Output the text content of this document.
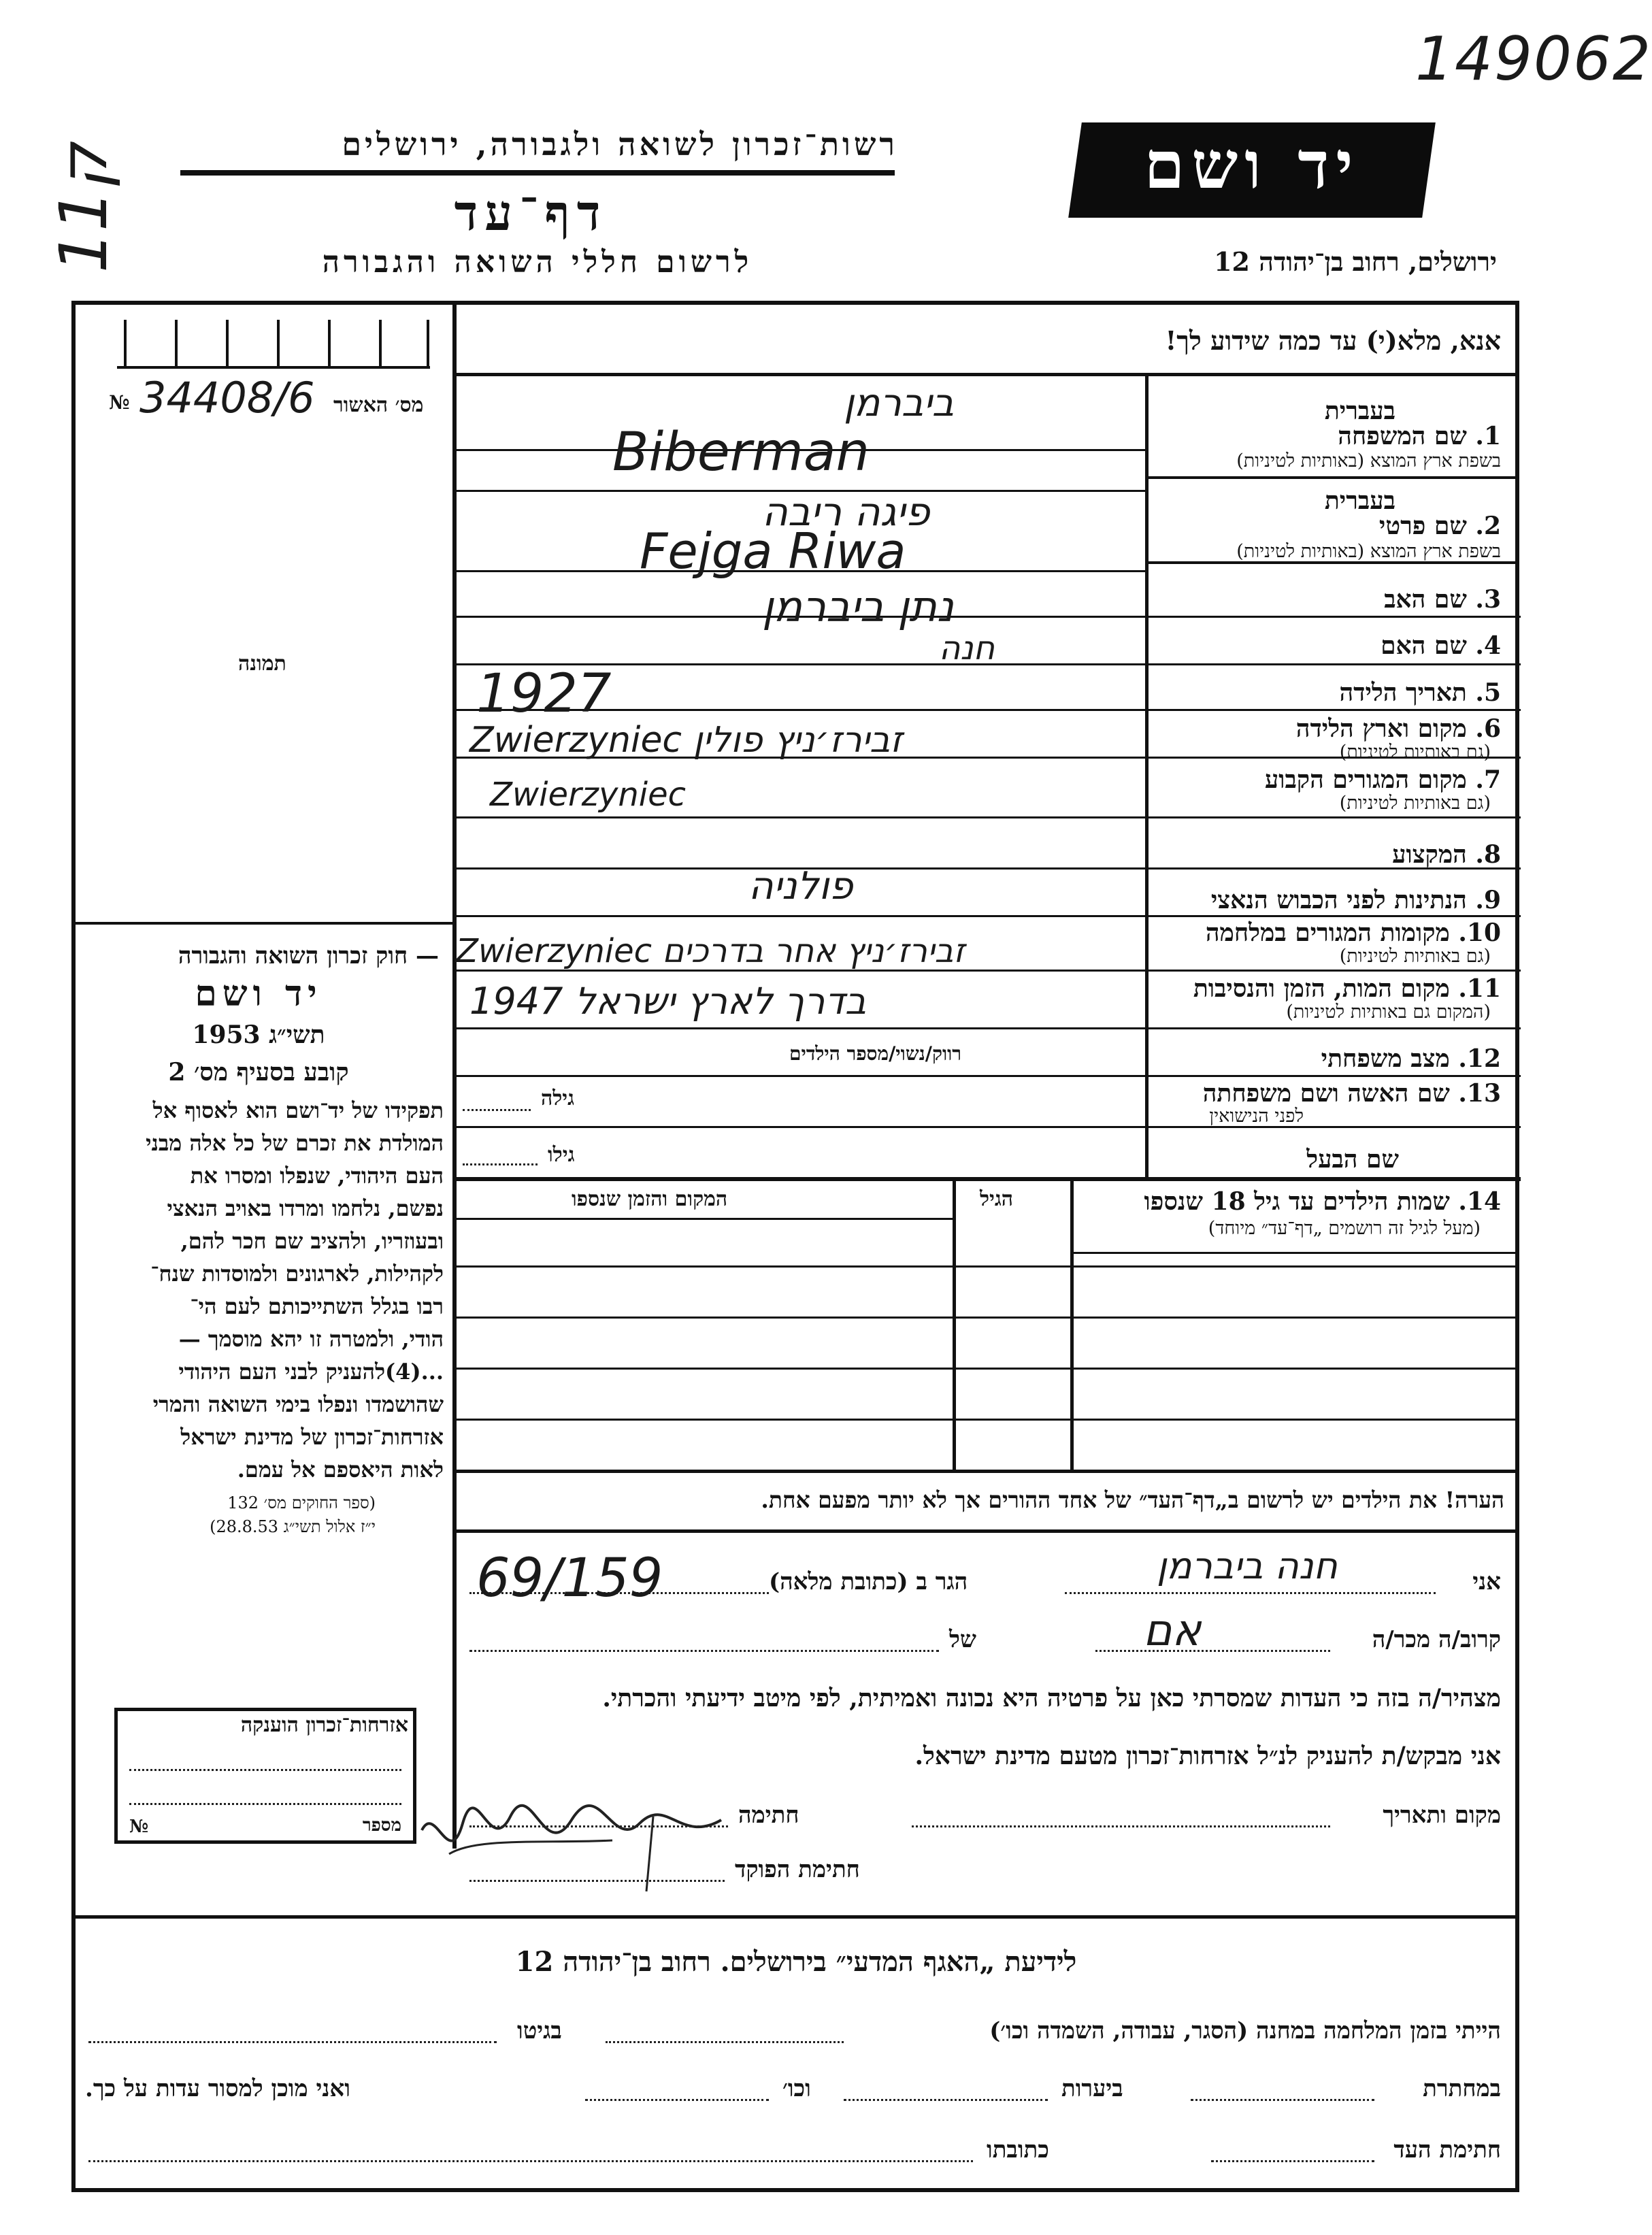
149062
ק11	רשות־זכרון לשואה ולגבורה, ירושלים
דף־עד
לרשום חללי השואה והגבורה
יד ושם
ירושלים, רחוב בן־יהודה 12
№ 34408/6 מס׳ האשור
תמונה
— חוק זכרון השואה והגבורה
יד ושם
תשי״ג 1953
קובע בסעיף מס׳ 2
תפקידו של יד־ושם הוא לאסוף אל
המולדת את זכרם של כל אלה מבני
העם היהודי, שנפלו ומסרו את
נפשם, נלחמו ומרדו באויב הנאצי
ובעוזריו, ולהציב שם חכר להם,
לקהילות, לארגונים ולמוסדות שנח־
רבו בגלל השתייכותם לעם הי־
הודי, ולמטרה זו יהא מוסמך —
...(4)להעניק לבני העם היהודי
שהושמדו ונפלו בימי השואה והמרי
אזרחות־זכרון של מדינת ישראל
לאות היאספם אל עמם.
(ספר החוקים מס׳ 132
י״ז אלול תשי״ג 28.8.53)
אזרחות־זכרון הוענקה
№	מספר
אנא, מלא(י) עד כמה שידוע לך!
בעברית
1. שם המשפחה
בשפת ארץ המוצא (באותיות לטיניות)
בעברית
2. שם פרטי
בשפת ארץ המוצא (באותיות לטיניות)
3. שם האב
4. שם האם
5. תאריך הלידה
6. מקום וארץ הלידה
(גם באותיות לטיניות)
7. מקום המגורים הקבוע
(גם באותיות לטיניות)
8. המקצוע
9. הנתינות לפני הכבוש הנאצי
10. מקומות המגורים במלחמה
(גם באותיות לטיניות)
11. מקום המות, הזמן והנסיבות
(המקום גם באותיות לטיניות)
12. מצב משפחתי
13. שם האשה ושם משפחתה
לפני הנישואין
שם הבעל
ביברמן
Biberman
פיגה ריבה
Fejga Riwa
נתן ביברמן
חנה
1927
Zwierzyniec זבירז׳ניץ פולין
Zwierzyniec
פולניה
Zwierzyniec זבירז׳ניץ אחר בדרכים
1947 בדרך לארץ ישראל
רווק/נשוי/מספר הילדים
גילה
גילו
14. שמות הילדים עד גיל 18 שנספו
(מעל לגיל זה רושמים „דף־עד״ מיוחד)
הגיל
המקום והזמן שנספו
הערה! את הילדים יש לרשום ב„דף־העד״ של אחד ההורים אך לא יותר מפעם אחת.
אני
חנה ביברמן
הגר ב (כתובת מלאה)
69/159
קרוב/ה מכר/ה
אם
של
מצהיר/ה בזה כי העדות שמסרתי כאן על פרטיה היא נכונה ואמיתית, לפי מיטב ידיעתי והכרתי.
אני מבקש/ת להעניק לנ״ל אזרחות־זכרון מטעם מדינת ישראל.
מקום ותאריך
חתימה
חתימת הפוקד
לידיעת „האגף המדעי״ בירושלים. רחוב בן־יהודה 12
הייתי בזמן המלחמה במחנה (הסגר, עבודה, השמדה וכו׳)
בגיטו
במחתרת
ביערות
וכו׳
ואני מוכן למסור עדות על כך.
חתימת העד
כתובתו
